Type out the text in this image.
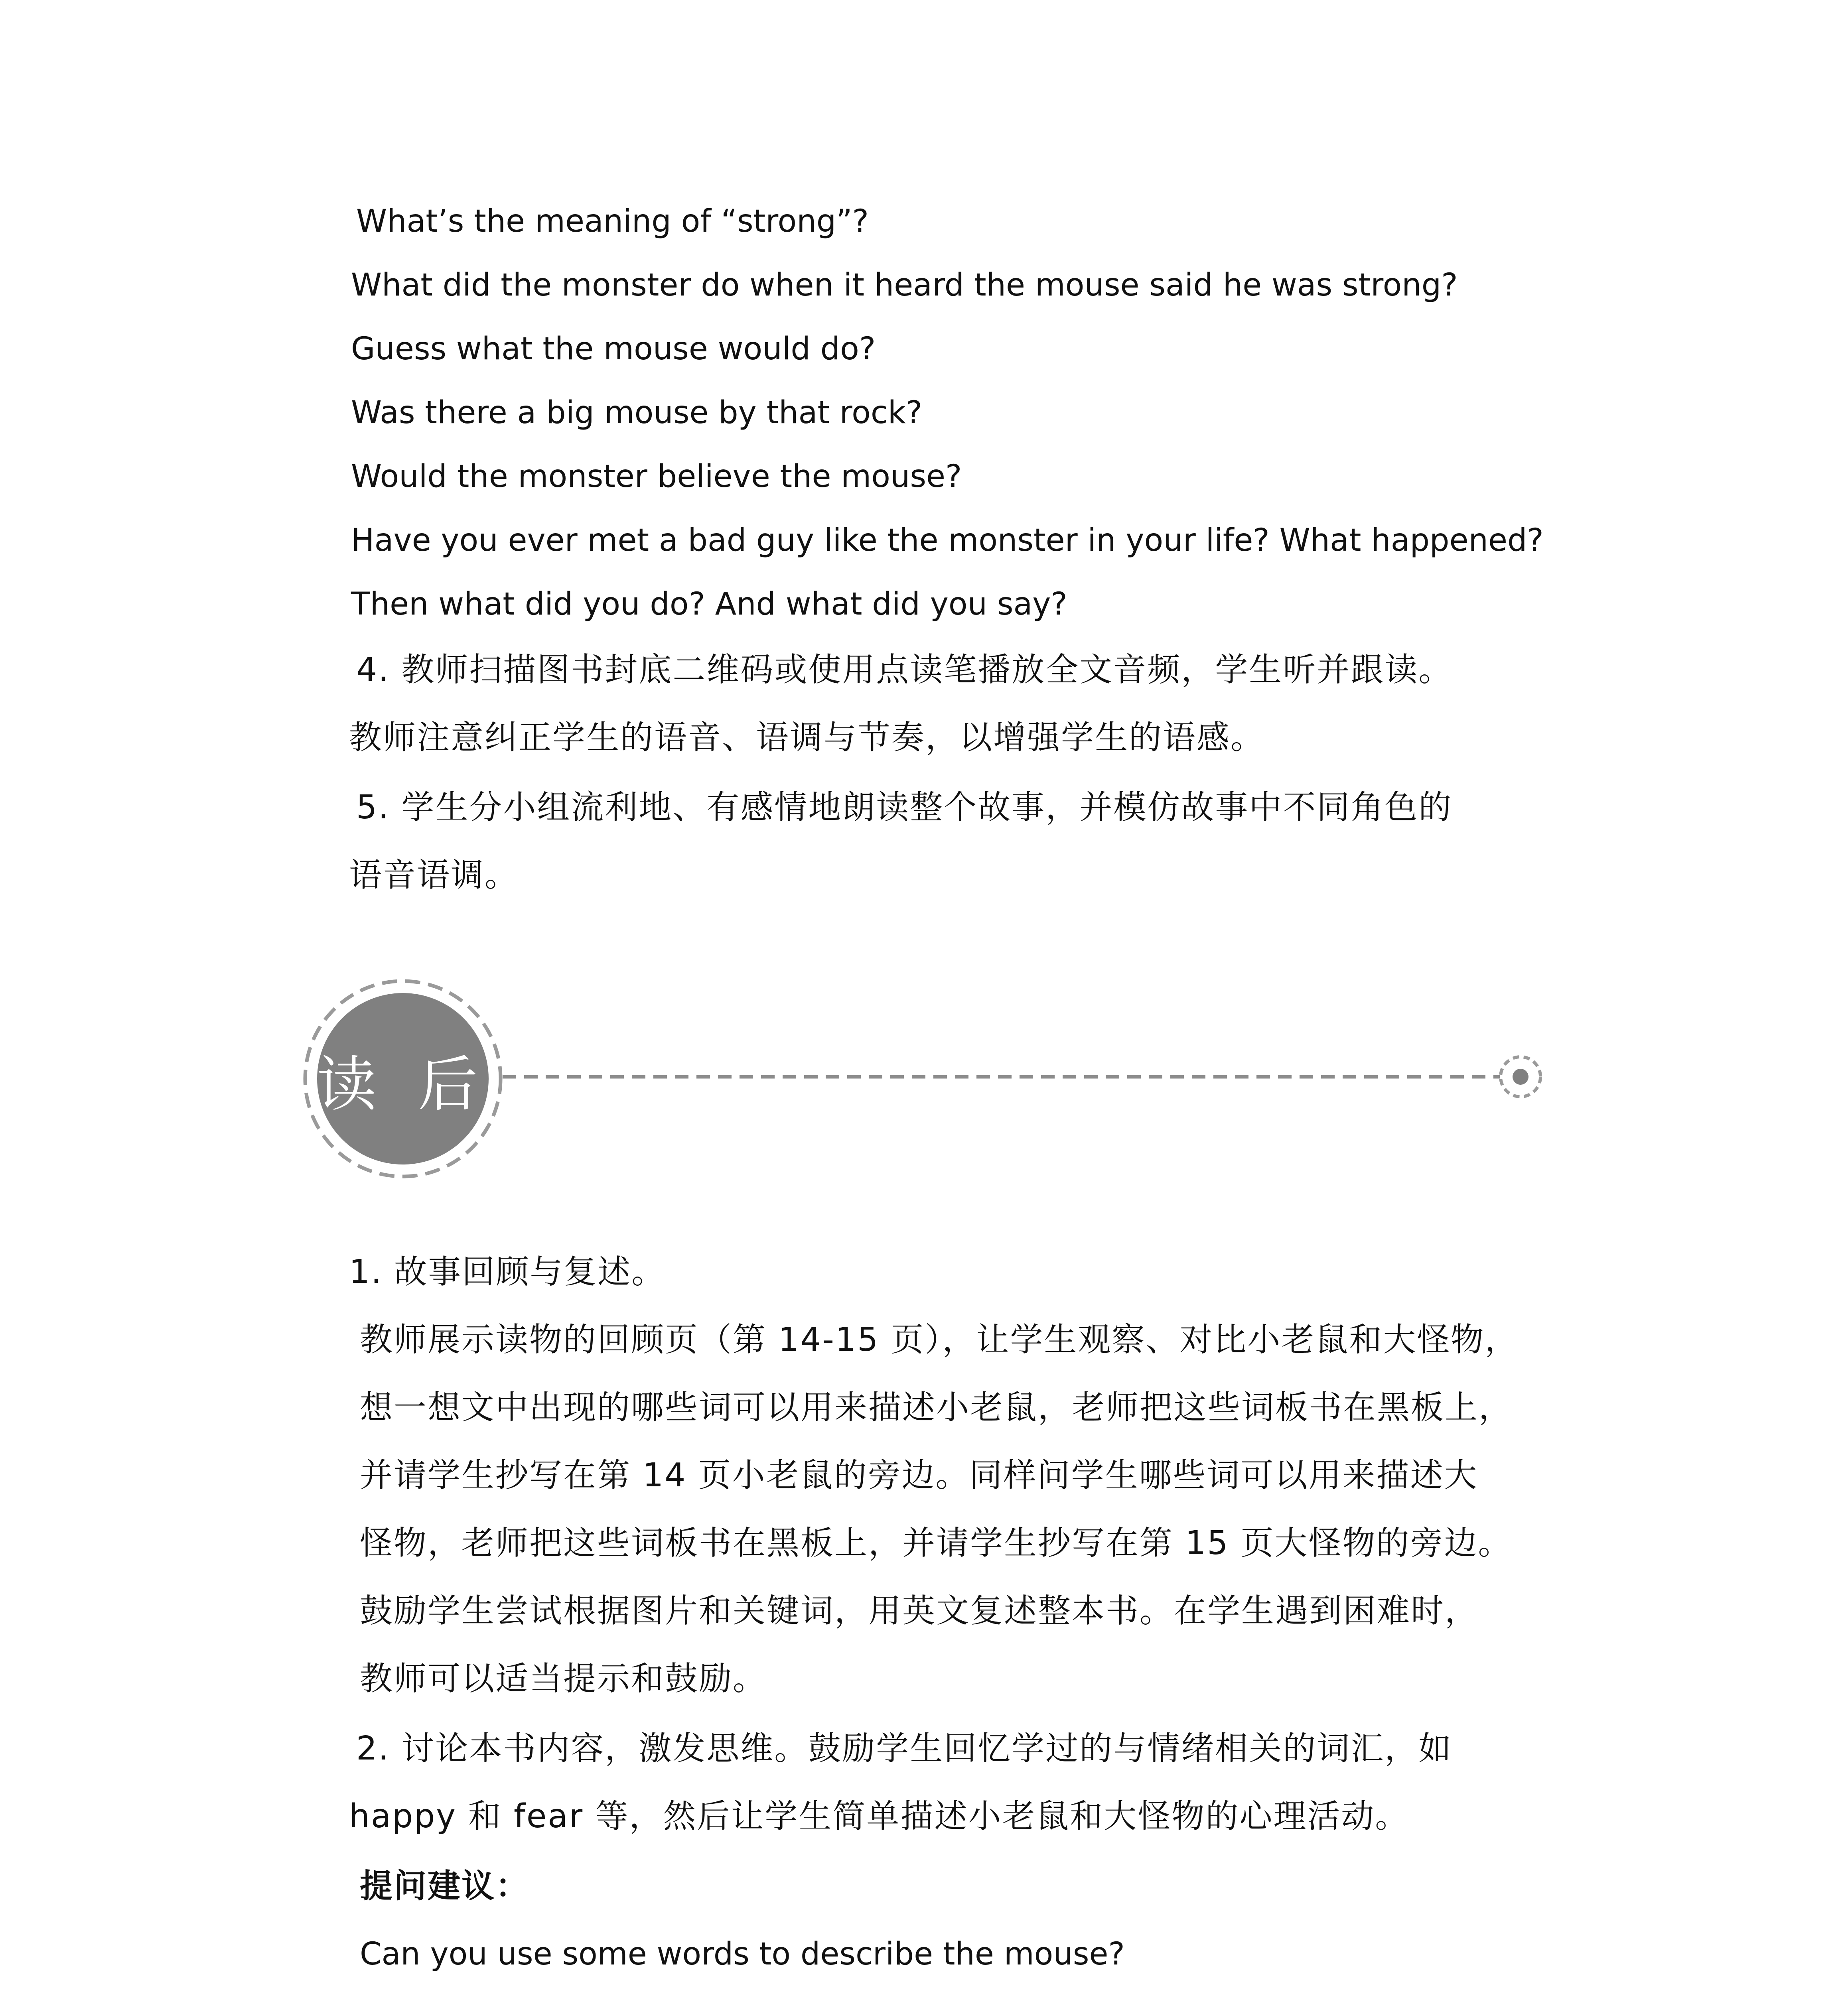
What’s the meaning of “strong”?
What did the monster do when it heard the mouse said he was strong?
Guess what the mouse would do?
Was there a big mouse by that rock?
Would the monster believe the mouse?
Have you ever met a bad guy like the monster in your life? What happened?
Then what did you do? And what did you say?
4. 教师扫描图书封底二维码或使用点读笔播放全文音频，学生听并跟读。
教师注意纠正学生的语音、语调与节奏，以增强学生的语感。
5. 学生分小组流利地、有感情地朗读整个故事，并模仿故事中不同角色的
语音语调。
读 后
1. 故事回顾与复述。
教师展示读物的回顾页（第 14-15 页），让学生观察、对比小老鼠和大怪物，
想一想文中出现的哪些词可以用来描述小老鼠，老师把这些词板书在黑板上，
并请学生抄写在第 14 页小老鼠的旁边。同样问学生哪些词可以用来描述大
怪物，老师把这些词板书在黑板上，并请学生抄写在第 15 页大怪物的旁边。
鼓励学生尝试根据图片和关键词，用英文复述整本书。在学生遇到困难时，
教师可以适当提示和鼓励。
2. 讨论本书内容，激发思维。鼓励学生回忆学过的与情绪相关的词汇，如
happy 和 fear 等，然后让学生简单描述小老鼠和大怪物的心理活动。
提问建议：
Can you use some words to describe the mouse?
